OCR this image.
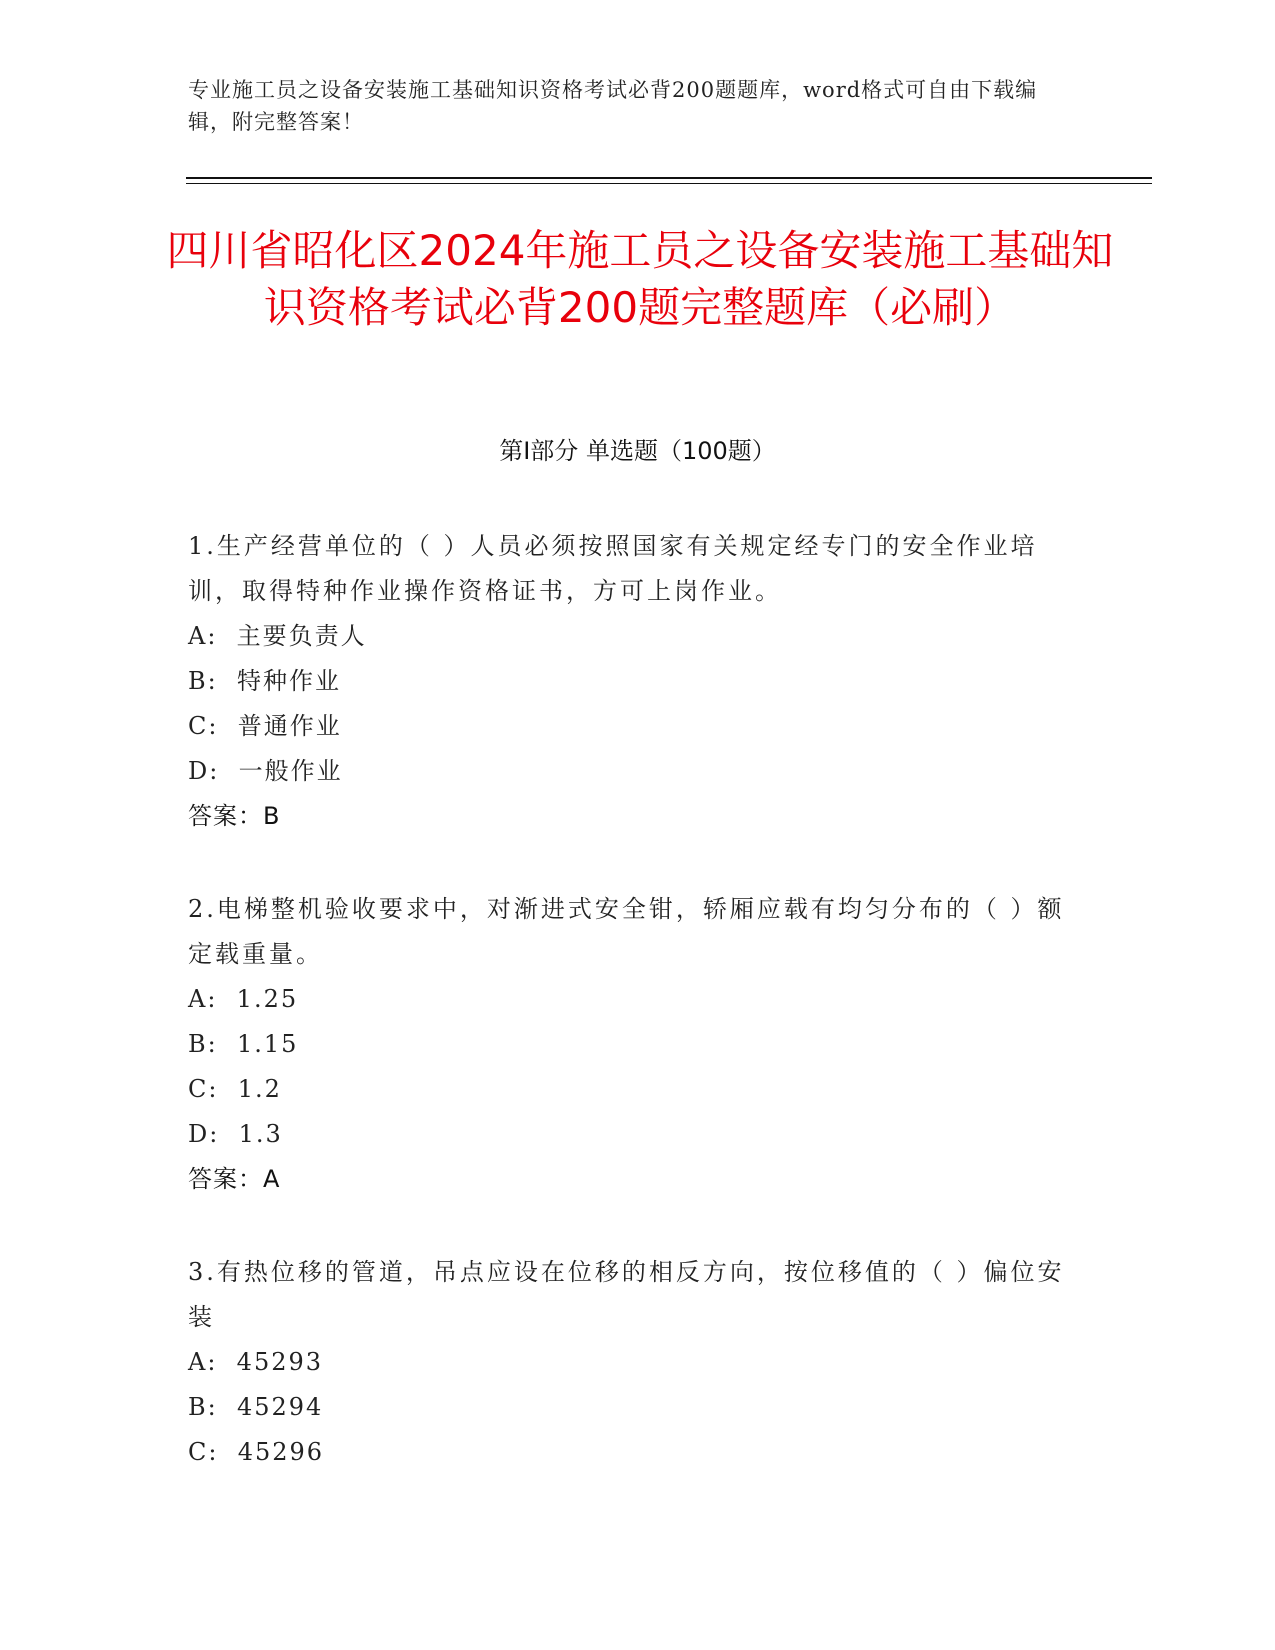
专业施工员之设备安装施工基础知识资格考试必背200题题库，word格式可自由下载编辑，附完整答案！
四川省昭化区2024年施工员之设备安装施工基础知识资格考试必背200题完整题库（必刷）
第Ⅰ部分 单选题（100题）
1.生产经营单位的（ ）人员必须按照国家有关规定经专门的安全作业培训，取得特种作业操作资格证书，方可上岗作业。
A:  主要负责人
B:  特种作业
C:  普通作业
D:  一般作业
答案：B
2.电梯整机验收要求中，对渐进式安全钳，轿厢应载有均匀分布的（ ）额定载重量。
A:  1.25
B:  1.15
C:  1.2
D:  1.3
答案：A
3.有热位移的管道，吊点应设在位移的相反方向，按位移值的（ ）偏位安装
A:  45293
B:  45294
C:  45296
